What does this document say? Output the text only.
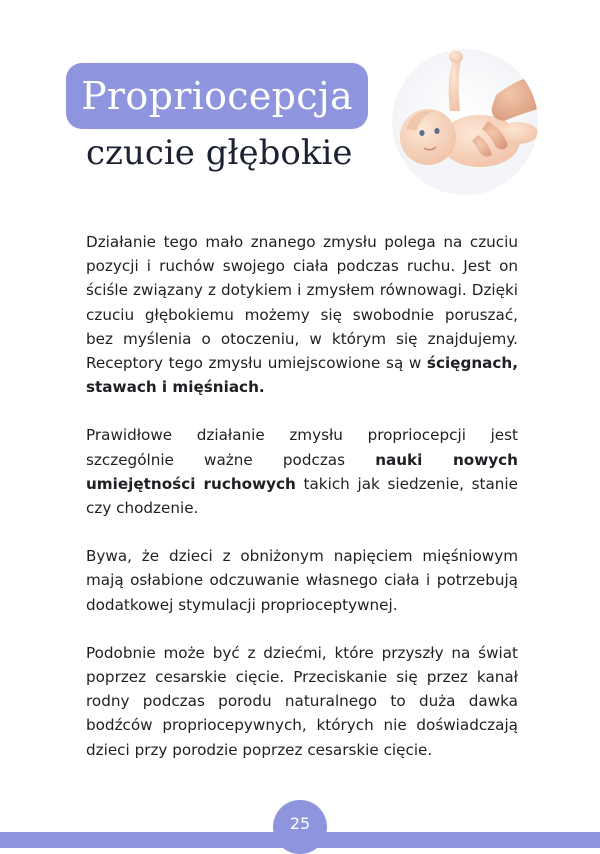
Propriocepcja
czucie głębokie

Działanie tego mało znanego zmysłu polega na czuciu pozycji i ruchów swojego ciała podczas ruchu. Jest on ściśle związany z dotykiem i zmysłem równowagi. Dzięki czuciu głębokiemu możemy się swobodnie poruszać, bez myślenia o otoczeniu, w którym się znajdujemy. Receptory tego zmysłu umiejscowione są w ścięgnach, stawach i mięśniach.

Prawidłowe działanie zmysłu propriocepcji jest szczególnie ważne podczas nauki nowych umiejętności ruchowych takich jak siedzenie, stanie czy chodzenie.

Bywa, że dzieci z obniżonym napięciem mięśniowym mają osłabione odczuwanie własnego ciała i potrzebują dodatkowej stymulacji proprioceptywnej.

Podobnie może być z dziećmi, które przyszły na świat poprzez cesarskie cięcie. Przeciskanie się przez kanał rodny podczas porodu naturalnego to duża dawka bodźców propriocepywnych, których nie doświadczają dzieci przy porodzie poprzez cesarskie cięcie.

25
